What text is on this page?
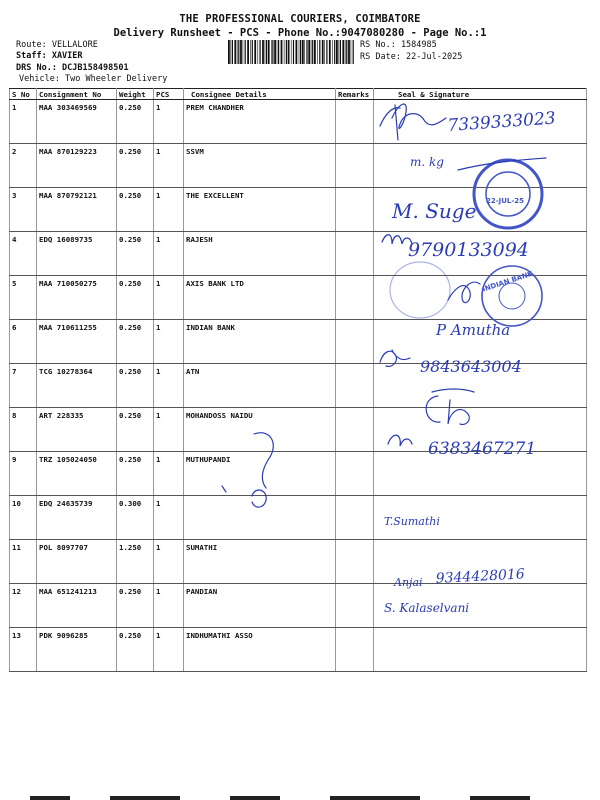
THE PROFESSIONAL COURIERS, COIMBATORE
Delivery Runsheet - PCS - Phone No.:9047080280 - Page No.:1
Route: VELLALORE
Staff: XAVIER
DRS No.: DCJB158498501
Vehicle: Two Wheeler Delivery
RS No.: 1584985
RS Date: 22-Jul-2025
S No	Consignment No	Weight	PCS	Consignee Details	Remarks	Seal & Signature
1	MAA 303469569	0.250	1	PREM CHANDHER		
2	MAA 870129223	0.250	1	SSVM		
3	MAA 870792121	0.250	1	THE EXCELLENT		
4	EDQ 16089735	0.250	1	RAJESH		
5	MAA 710050275	0.250	1	AXIS BANK LTD		
6	MAA 710611255	0.250	1	INDIAN BANK		
7	TCG 10278364	0.250	1	ATN		
8	ART 228335	0.250	1	MOHANDOSS NAIDU		
9	TRZ 105024050	0.250	1	MUTHUPANDI		
10	EDQ 24635739	0.300	1			
11	POL 8097707	1.250	1	SUMATHI		
12	MAA 651241213	0.250	1	PANDIAN		
13	PDK 9096285	0.250	1	INDHUMATHI ASSO		
7339333023
m. kg
22-JUL-25
M. Suge
9790133094
INDIAN BANK
P Amutha
9843643004
6383467271
T.Sumathi
Anjai 9344428016
S. Kalaselvani
